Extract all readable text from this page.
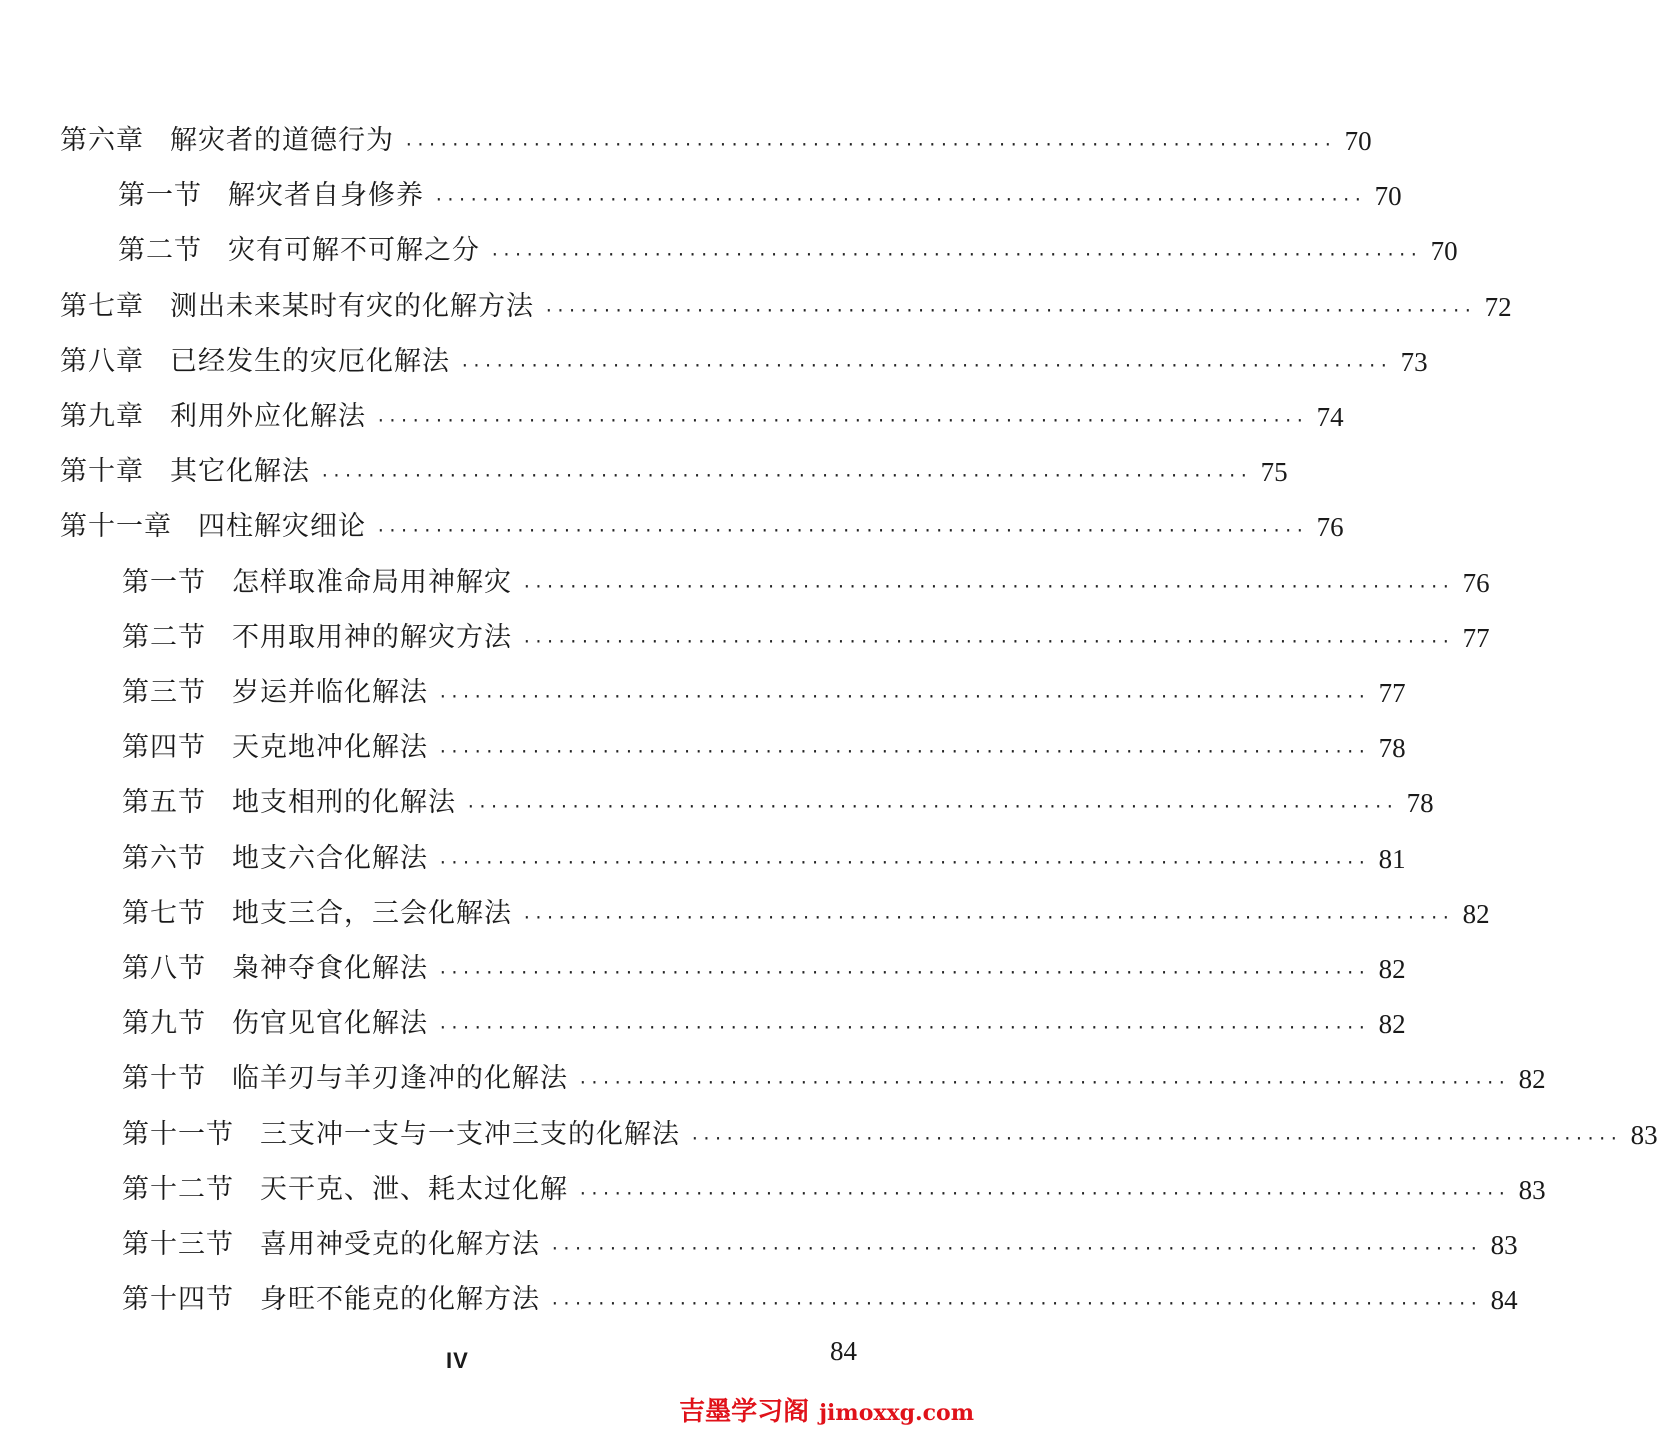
第六章 解灾者的道德行为 ················································································ 70
第一节 解灾者自身修养 ················································································ 70
第二节 灾有可解不可解之分 ················································································ 70
第七章 测出未来某时有灾的化解方法 ················································································ 72
第八章 已经发生的灾厄化解法 ················································································ 73
第九章 利用外应化解法 ················································································ 74
第十章 其它化解法 ················································································ 75
第十一章 四柱解灾细论 ················································································ 76
第一节 怎样取准命局用神解灾 ················································································ 76
第二节 不用取用神的解灾方法 ················································································ 77
第三节 岁运并临化解法 ················································································ 77
第四节 天克地冲化解法 ················································································ 78
第五节 地支相刑的化解法 ················································································ 78
第六节 地支六合化解法 ················································································ 81
第七节 地支三合，三会化解法 ················································································ 82
第八节 枭神夺食化解法 ················································································ 82
第九节 伤官见官化解法 ················································································ 82
第十节 临羊刃与羊刃逢冲的化解法 ················································································ 82
第十一节 三支冲一支与一支冲三支的化解法 ················································································ 83
第十二节 天干克、泄、耗太过化解 ················································································ 83
第十三节 喜用神受克的化解方法 ················································································ 83
第十四节 身旺不能克的化解方法 ················································································ 84
84
IV
吉墨学习阁 jimoxxg.com
